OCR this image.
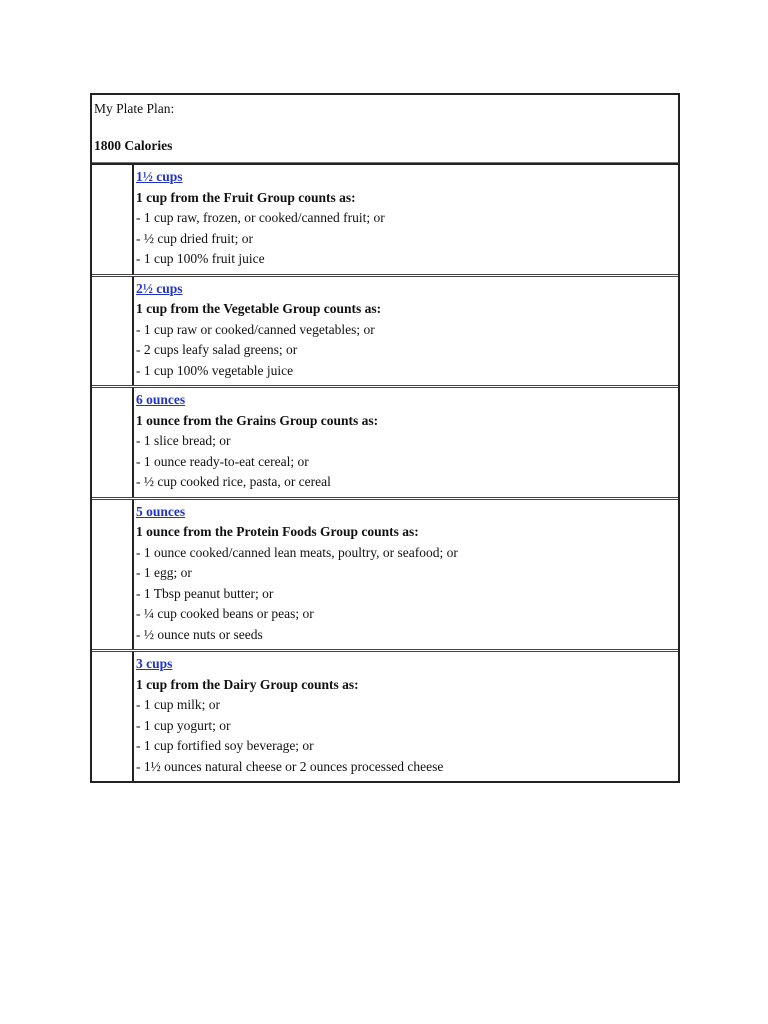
My Plate Plan:
1800 Calories
1½ cups
1 cup from the Fruit Group counts as:
- 1 cup raw, frozen, or cooked/canned fruit; or
- ½ cup dried fruit; or
- 1 cup 100% fruit juice
2½ cups
1 cup from the Vegetable Group counts as:
- 1 cup raw or cooked/canned vegetables; or
- 2 cups leafy salad greens; or
- 1 cup 100% vegetable juice
6 ounces
1 ounce from the Grains Group counts as:
- 1 slice bread; or
- 1 ounce ready-to-eat cereal; or
- ½ cup cooked rice, pasta, or cereal
5 ounces
1 ounce from the Protein Foods Group counts as:
- 1 ounce cooked/canned lean meats, poultry, or seafood; or
- 1 egg; or
- 1 Tbsp peanut butter; or
- ¼ cup cooked beans or peas; or
- ½ ounce nuts or seeds
3 cups
1 cup from the Dairy Group counts as:
- 1 cup milk; or
- 1 cup yogurt; or
- 1 cup fortified soy beverage; or
- 1½ ounces natural cheese or 2 ounces processed cheese
